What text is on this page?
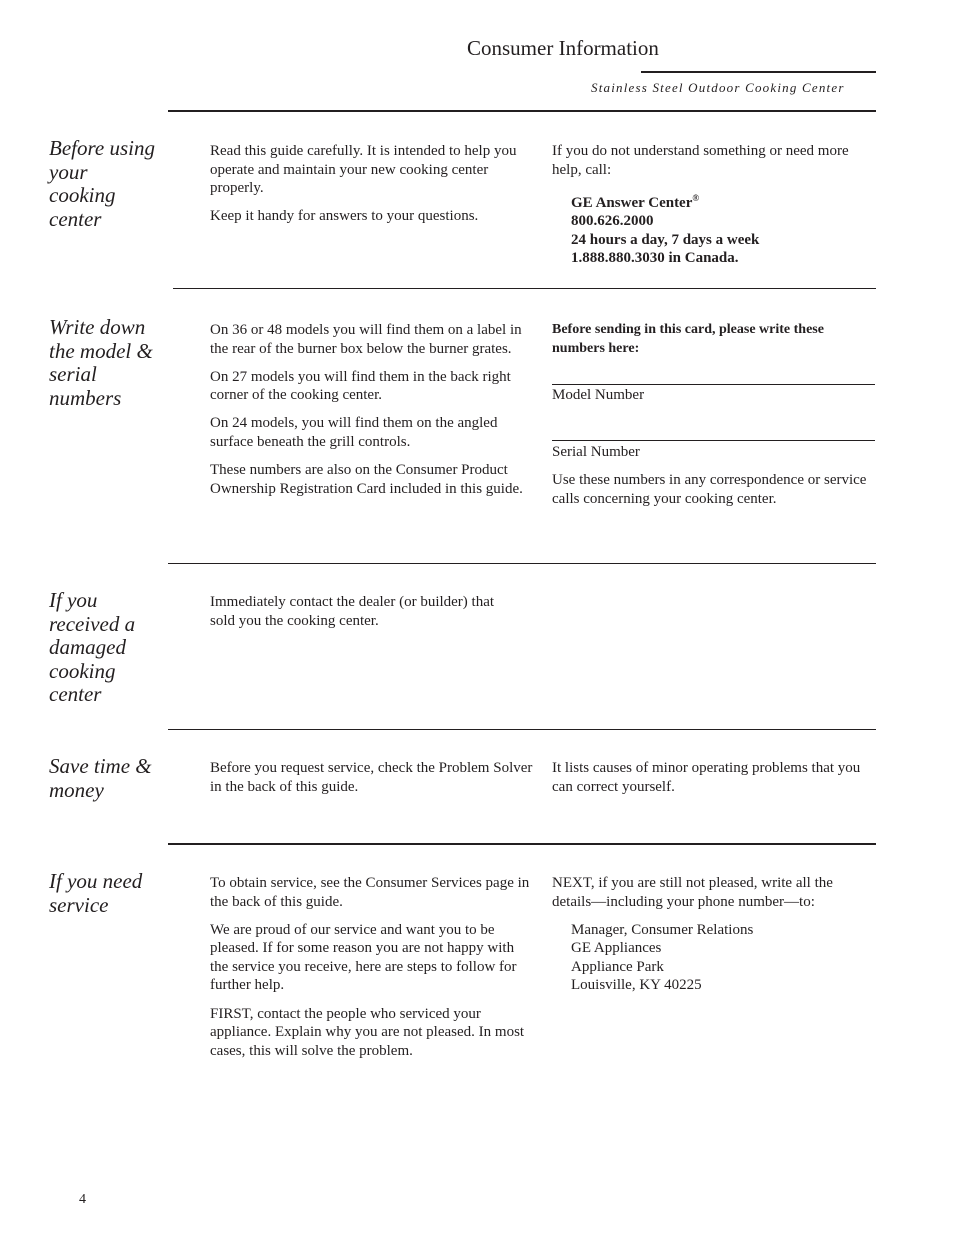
Consumer Information
Stainless Steel Outdoor Cooking Center
Before using your cooking center

Read this guide carefully. It is intended to help you operate and maintain your new cooking center properly.

Keep it handy for answers to your questions.

If you do not understand something or need more help, call:

GE Answer Center®
800.626.2000
24 hours a day, 7 days a week
1.888.880.3030 in Canada.
Write down the model & serial numbers

On 36 or 48 models you will find them on a label in the rear of the burner box below the burner grates.

On 27 models you will find them in the back right corner of the cooking center.

On 24 models, you will find them on the angled surface beneath the grill controls.

These numbers are also on the Consumer Product Ownership Registration Card included in this guide.

Before sending in this card, please write these numbers here:
Model Number
Serial Number
Use these numbers in any correspondence or service calls concerning your cooking center.
If you received a damaged cooking center

Immediately contact the dealer (or builder) that sold you the cooking center.

Save time & money

Before you request service, check the Problem Solver in the back of this guide.

It lists causes of minor operating problems that you can correct yourself.

If you need service

To obtain service, see the Consumer Services page in the back of this guide.

We are proud of our service and want you to be pleased. If for some reason you are not happy with the service you receive, here are steps to follow for further help.

FIRST, contact the people who serviced your appliance. Explain why you are not pleased. In most cases, this will solve the problem.

NEXT, if you are still not pleased, write all the details—including your phone number—to:

Manager, Consumer Relations
GE Appliances
Appliance Park
Louisville, KY 40225
4
